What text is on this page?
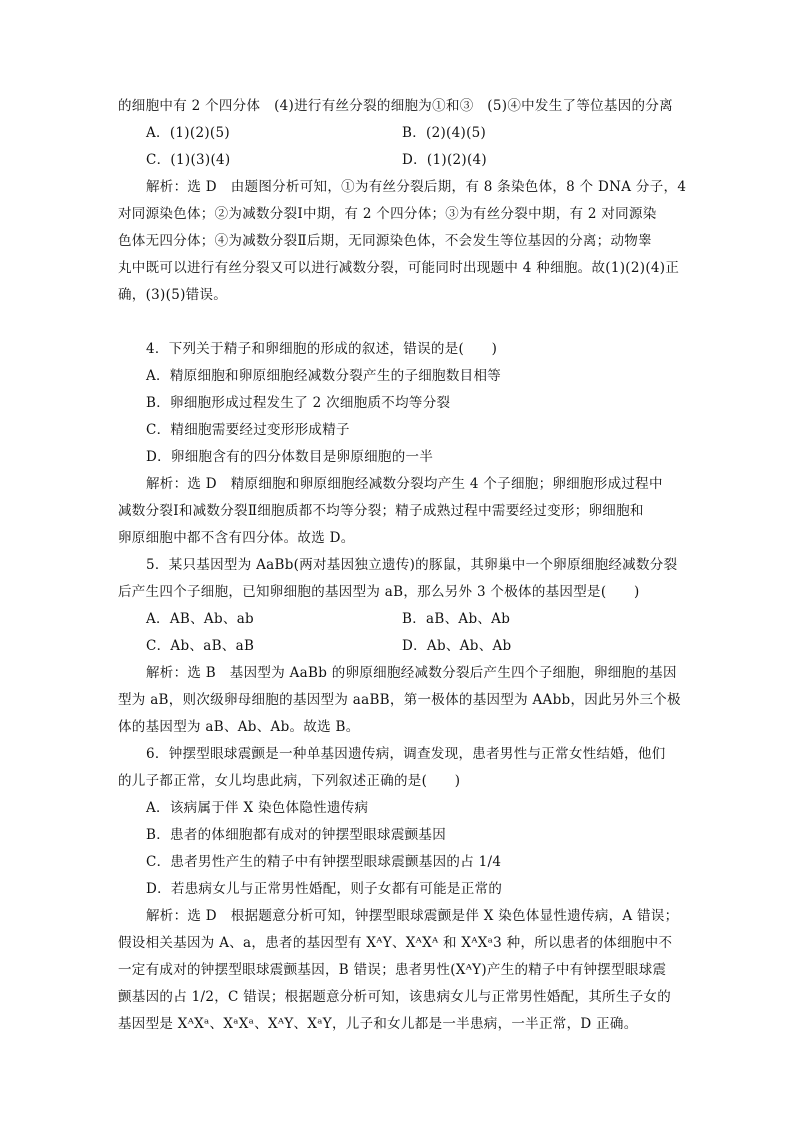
的细胞中有 2 个四分体　(4)进行有丝分裂的细胞为①和③　(5)④中发生了等位基因的分离
A．(1)(2)(5)	B．(2)(4)(5)
C．(1)(3)(4)	D．(1)(2)(4)
解析：选 D　由题图分析可知，①为有丝分裂后期，有 8 条染色体，8 个 DNA 分子，4
对同源染色体；②为减数分裂Ⅰ中期，有 2 个四分体；③为有丝分裂中期，有 2 对同源染
色体无四分体；④为减数分裂Ⅱ后期，无同源染色体，不会发生等位基因的分离；动物睾
丸中既可以进行有丝分裂又可以进行减数分裂，可能同时出现题中 4 种细胞。故(1)(2)(4)正
确，(3)(5)错误。
4．下列关于精子和卵细胞的形成的叙述，错误的是(　　)
A．精原细胞和卵原细胞经减数分裂产生的子细胞数目相等
B．卵细胞形成过程发生了 2 次细胞质不均等分裂
C．精细胞需要经过变形形成精子
D．卵细胞含有的四分体数目是卵原细胞的一半
解析：选 D　精原细胞和卵原细胞经减数分裂均产生 4 个子细胞；卵细胞形成过程中
减数分裂Ⅰ和减数分裂Ⅱ细胞质都不均等分裂；精子成熟过程中需要经过变形；卵细胞和
卵原细胞中都不含有四分体。故选 D。
5．某只基因型为 AaBb(两对基因独立遗传)的豚鼠，其卵巢中一个卵原细胞经减数分裂
后产生四个子细胞，已知卵细胞的基因型为 aB，那么另外 3 个极体的基因型是(　　)
A．AB、Ab、ab	B．aB、Ab、Ab
C．Ab、aB、aB	D．Ab、Ab、Ab
解析：选 B　基因型为 AaBb 的卵原细胞经减数分裂后产生四个子细胞，卵细胞的基因
型为 aB，则次级卵母细胞的基因型为 aaBB，第一极体的基因型为 AAbb，因此另外三个极
体的基因型为 aB、Ab、Ab。故选 B。
6．钟摆型眼球震颤是一种单基因遗传病，调查发现，患者男性与正常女性结婚，他们
的儿子都正常，女儿均患此病，下列叙述正确的是(　　)
A．该病属于伴 X 染色体隐性遗传病
B．患者的体细胞都有成对的钟摆型眼球震颤基因
C．患者男性产生的精子中有钟摆型眼球震颤基因的占 1/4
D．若患病女儿与正常男性婚配，则子女都有可能是正常的
解析：选 D　根据题意分析可知，钟摆型眼球震颤是伴 X 染色体显性遗传病，A 错误；
假设相关基因为 A、a，患者的基因型有 XᴬY、XᴬXᴬ 和 XᴬXᵃ3 种，所以患者的体细胞中不
一定有成对的钟摆型眼球震颤基因，B 错误；患者男性(XᴬY)产生的精子中有钟摆型眼球震
颤基因的占 1/2，C 错误；根据题意分析可知，该患病女儿与正常男性婚配，其所生子女的
基因型是 XᴬXᵃ、XᵃXᵃ、XᴬY、XᵃY，儿子和女儿都是一半患病，一半正常，D 正确。
